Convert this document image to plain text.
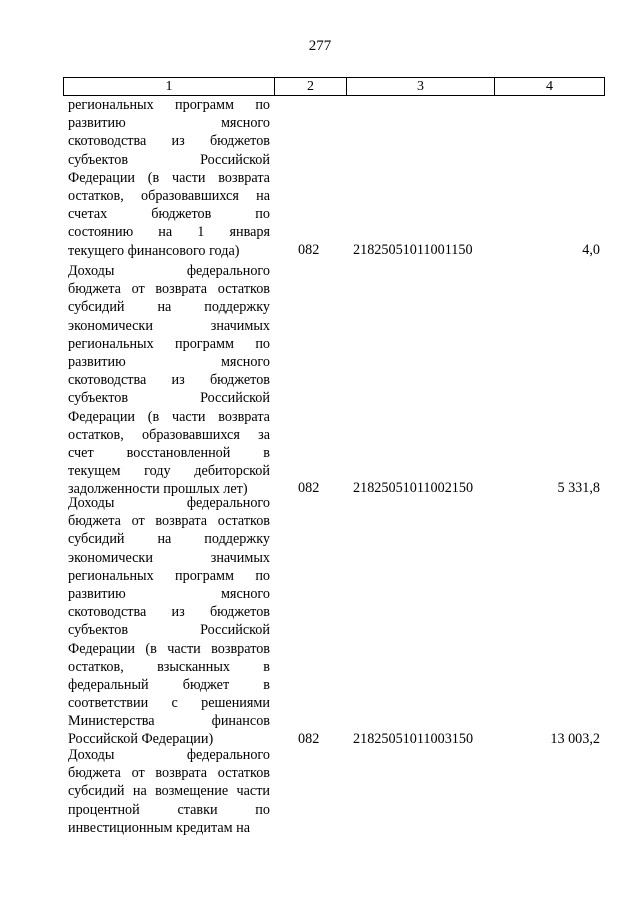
277
1	2	3	4
региональных программ по
развитию мясного
скотоводства из бюджетов
субъектов Российской
Федерации (в части возврата
остатков, образовавшихся на
счетах бюджетов по
состоянию на 1 января
текущего финансового года)	082 21825051011001150	4,0
Доходы федерального
бюджета от возврата остатков
субсидий на поддержку
экономически значимых
региональных программ по
развитию мясного
скотоводства из бюджетов
субъектов Российской
Федерации (в части возврата
остатков, образовавшихся за
счет восстановленной в
текущем году дебиторской
задолженности прошлых лет)	082 21825051011002150	5 331,8
Доходы федерального
бюджета от возврата остатков
субсидий на поддержку
экономически значимых
региональных программ по
развитию мясного
скотоводства из бюджетов
субъектов Российской
Федерации (в части возвратов
остатков, взысканных в
федеральный бюджет в
соответствии с решениями
Министерства финансов
Российской Федерации)	082 21825051011003150	13 003,2
Доходы федерального
бюджета от возврата остатков
субсидий на возмещение части
процентной ставки по
инвестиционным кредитам на
